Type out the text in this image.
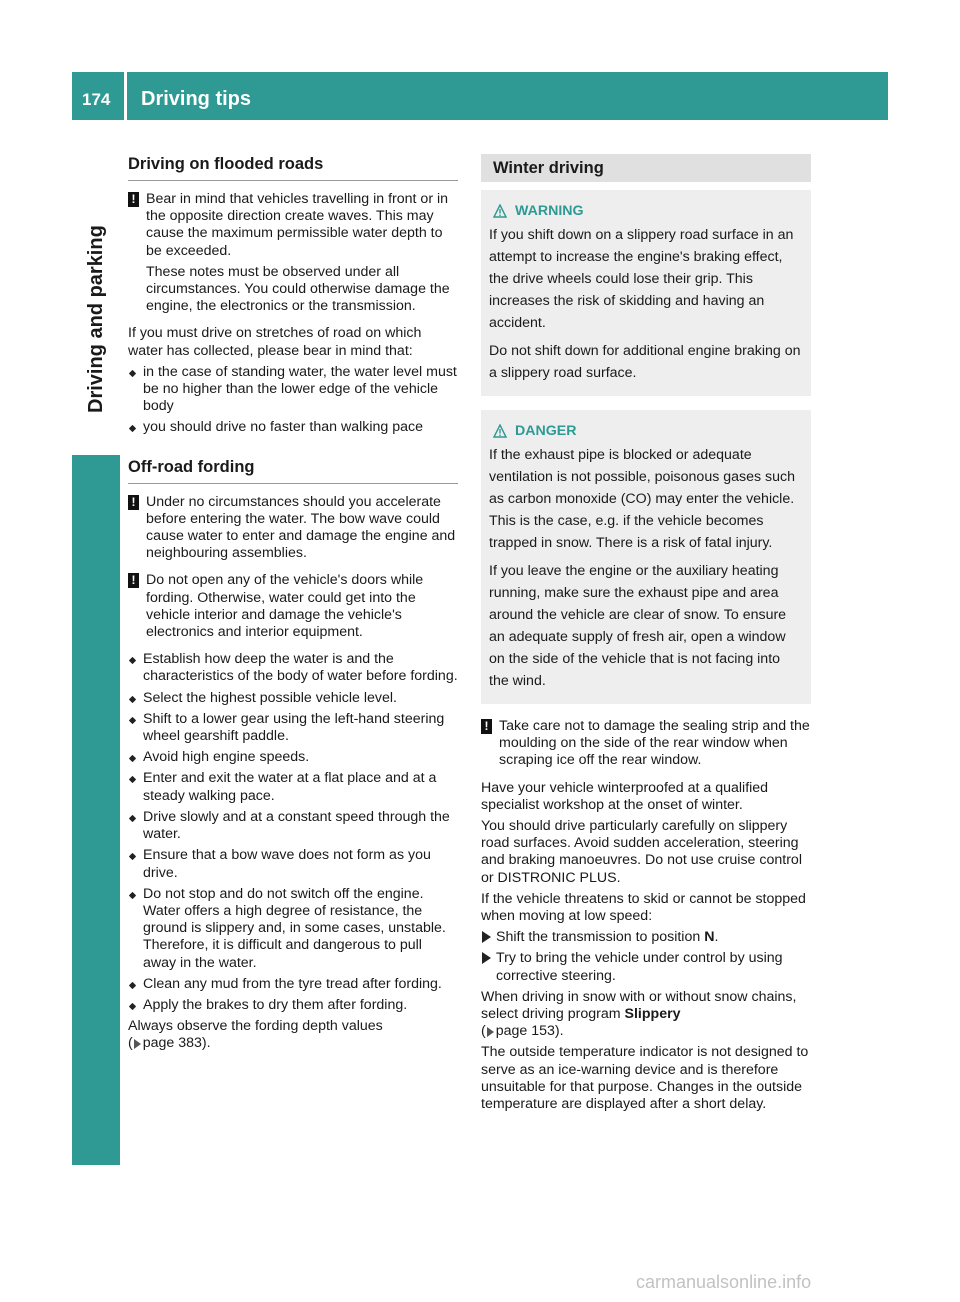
174 Driving tips
Driving and parking
Driving on flooded roads
! Bear in mind that vehicles travelling in front or in the opposite direction create waves. This may cause the maximum permissible water depth to be exceeded.

These notes must be observed under all circumstances. You could otherwise damage the engine, the electronics or the transmission.

If you must drive on stretches of road on which water has collected, please bear in mind that:

in the case of standing water, the water level must be no higher than the lower edge of the vehicle body
you should drive no faster than walking pace
Off-road fording
! Under no circumstances should you accelerate before entering the water. The bow wave could cause water to enter and damage the engine and neighbouring assemblies.

! Do not open any of the vehicle's doors while fording. Otherwise, water could get into the vehicle interior and damage the vehicle's electronics and interior equipment.

Establish how deep the water is and the characteristics of the body of water before fording.
Select the highest possible vehicle level.
Shift to a lower gear using the left-hand steering wheel gearshift paddle.
Avoid high engine speeds.
Enter and exit the water at a flat place and at a steady walking pace.
Drive slowly and at a constant speed through the water.
Ensure that a bow wave does not form as you drive.
Do not stop and do not switch off the engine. Water offers a high degree of resistance, the ground is slippery and, in some cases, unstable. Therefore, it is difficult and dangerous to pull away in the water.
Clean any mud from the tyre tread after fording.
Apply the brakes to dry them after fording.

Always observe the fording depth values
( page 383).

Winter driving
WARNING

If you shift down on a slippery road surface in an attempt to increase the engine's braking effect, the drive wheels could lose their grip. This increases the risk of skidding and having an accident.

Do not shift down for additional engine braking on a slippery road surface.

DANGER

If the exhaust pipe is blocked or adequate ventilation is not possible, poisonous gases such as carbon monoxide (CO) may enter the vehicle. This is the case, e.g. if the vehicle becomes trapped in snow. There is a risk of fatal injury.

If you leave the engine or the auxiliary heating running, make sure the exhaust pipe and area around the vehicle are clear of snow. To ensure an adequate supply of fresh air, open a window on the side of the vehicle that is not facing into the wind.

! Take care not to damage the sealing strip and the moulding on the side of the rear window when scraping ice off the rear window.

Have your vehicle winterproofed at a qualified specialist workshop at the onset of winter.

You should drive particularly carefully on slippery road surfaces. Avoid sudden acceleration, steering and braking manoeuvres. Do not use cruise control or DISTRONIC PLUS.

If the vehicle threatens to skid or cannot be stopped when moving at low speed:

Shift the transmission to position N.
Try to bring the vehicle under control by using corrective steering.

When driving in snow with or without snow chains, select driving program Slippery
( page 153).

The outside temperature indicator is not designed to serve as an ice-warning device and is therefore unsuitable for that purpose. Changes in the outside temperature are displayed after a short delay.

carmanualsonline.info
